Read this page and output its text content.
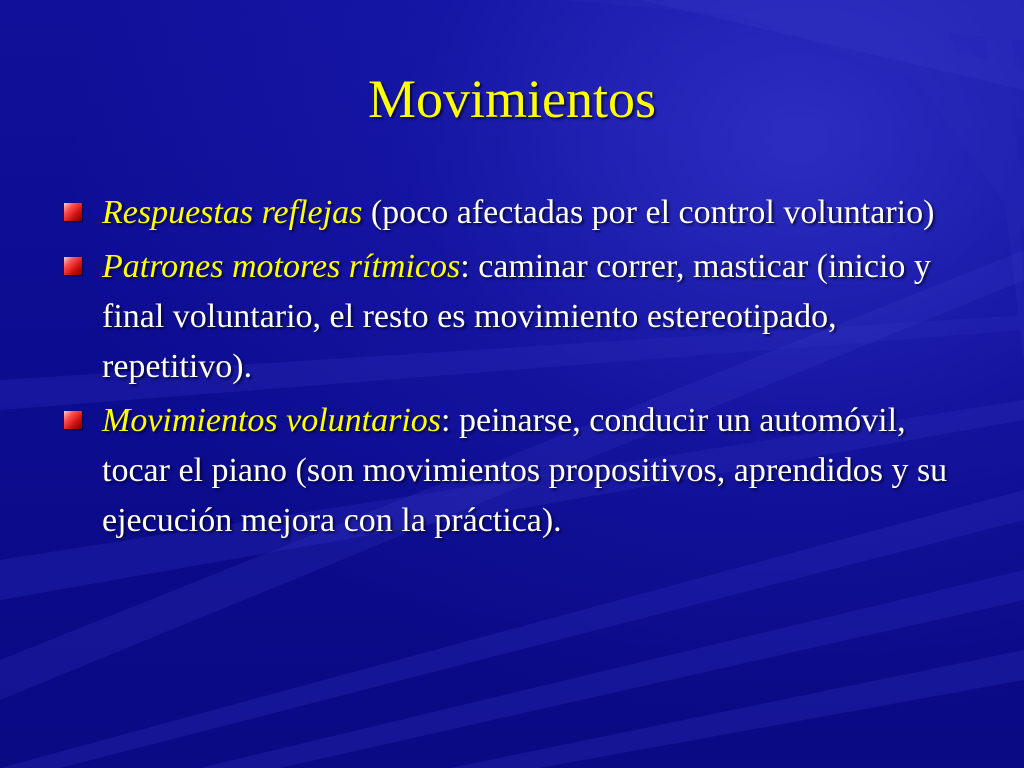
Movimientos
Respuestas reflejas (poco afectadas por el control voluntario)
Patrones motores rítmicos: caminar correr, masticar (inicio y final voluntario, el resto es movimiento estereotipado, repetitivo).
Movimientos voluntarios: peinarse, conducir un automóvil, tocar el piano (son movimientos propositivos, aprendidos y su ejecución mejora con la práctica).
